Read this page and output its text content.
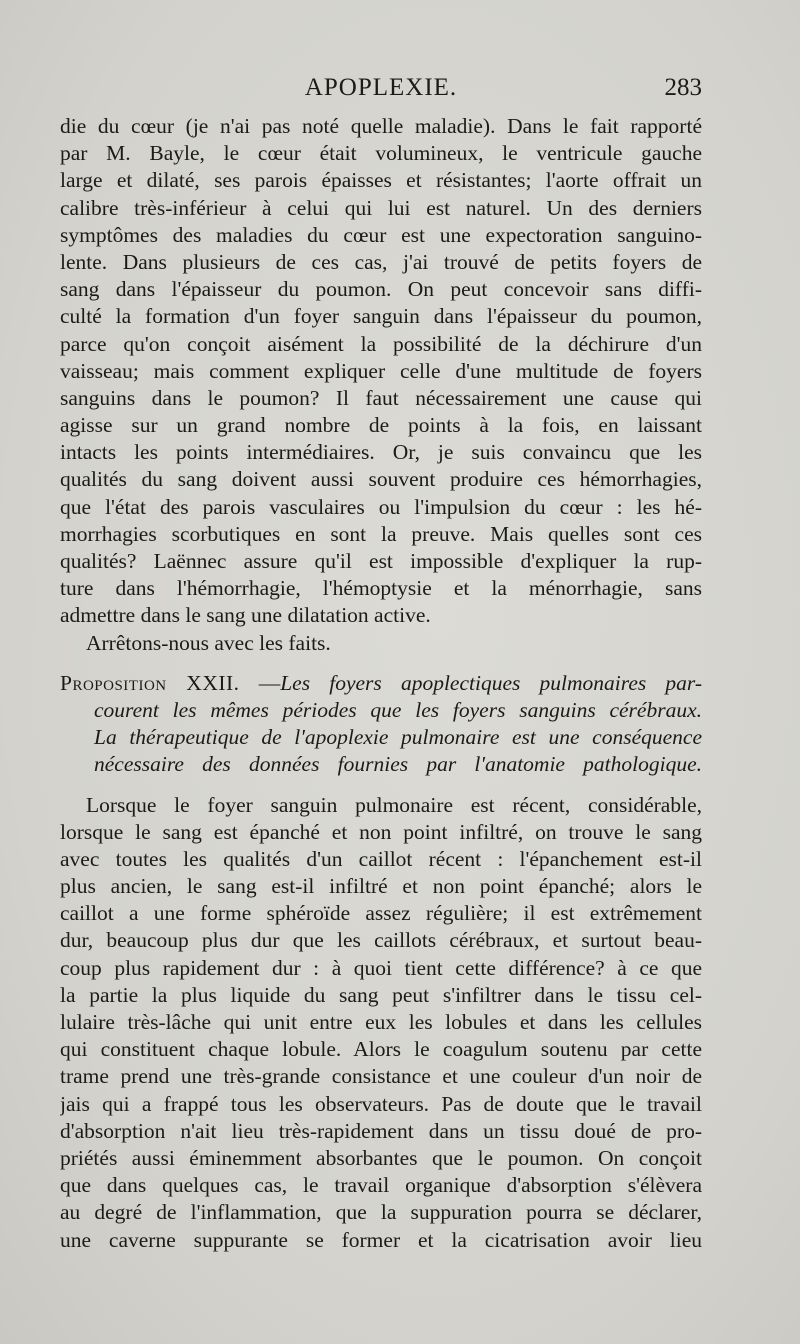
APOPLEXIE.	283
die du cœur (je n'ai pas noté quelle maladie). Dans le fait rapporté
par M. Bayle, le cœur était volumineux, le ventricule gauche
large et dilaté, ses parois épaisses et résistantes; l'aorte offrait un
calibre très-inférieur à celui qui lui est naturel. Un des derniers
symptômes des maladies du cœur est une expectoration sanguino-
lente. Dans plusieurs de ces cas, j'ai trouvé de petits foyers de
sang dans l'épaisseur du poumon. On peut concevoir sans diffi-
culté la formation d'un foyer sanguin dans l'épaisseur du poumon,
parce qu'on conçoit aisément la possibilité de la déchirure d'un
vaisseau; mais comment expliquer celle d'une multitude de foyers
sanguins dans le poumon? Il faut nécessairement une cause qui
agisse sur un grand nombre de points à la fois, en laissant
intacts les points intermédiaires. Or, je suis convaincu que les
qualités du sang doivent aussi souvent produire ces hémorrhagies,
que l'état des parois vasculaires ou l'impulsion du cœur : les hé-
morrhagies scorbutiques en sont la preuve. Mais quelles sont ces
qualités? Laënnec assure qu'il est impossible d'expliquer la rup-
ture dans l'hémorrhagie, l'hémoptysie et la ménorrhagie, sans
admettre dans le sang une dilatation active.
Arrêtons-nous avec les faits.
Proposition XXII. —Les foyers apoplectiques pulmonaires par-
courent les mêmes périodes que les foyers sanguins cérébraux.
La thérapeutique de l'apoplexie pulmonaire est une conséquence
nécessaire des données fournies par l'anatomie pathologique.
Lorsque le foyer sanguin pulmonaire est récent, considérable,
lorsque le sang est épanché et non point infiltré, on trouve le sang
avec toutes les qualités d'un caillot récent : l'épanchement est-il
plus ancien, le sang est-il infiltré et non point épanché; alors le
caillot a une forme sphéroïde assez régulière; il est extrêmement
dur, beaucoup plus dur que les caillots cérébraux, et surtout beau-
coup plus rapidement dur : à quoi tient cette différence? à ce que
la partie la plus liquide du sang peut s'infiltrer dans le tissu cel-
lulaire très-lâche qui unit entre eux les lobules et dans les cellules
qui constituent chaque lobule. Alors le coagulum soutenu par cette
trame prend une très-grande consistance et une couleur d'un noir de
jais qui a frappé tous les observateurs. Pas de doute que le travail
d'absorption n'ait lieu très-rapidement dans un tissu doué de pro-
priétés aussi éminemment absorbantes que le poumon. On conçoit
que dans quelques cas, le travail organique d'absorption s'élèvera
au degré de l'inflammation, que la suppuration pourra se déclarer,
une caverne suppurante se former et la cicatrisation avoir lieu
